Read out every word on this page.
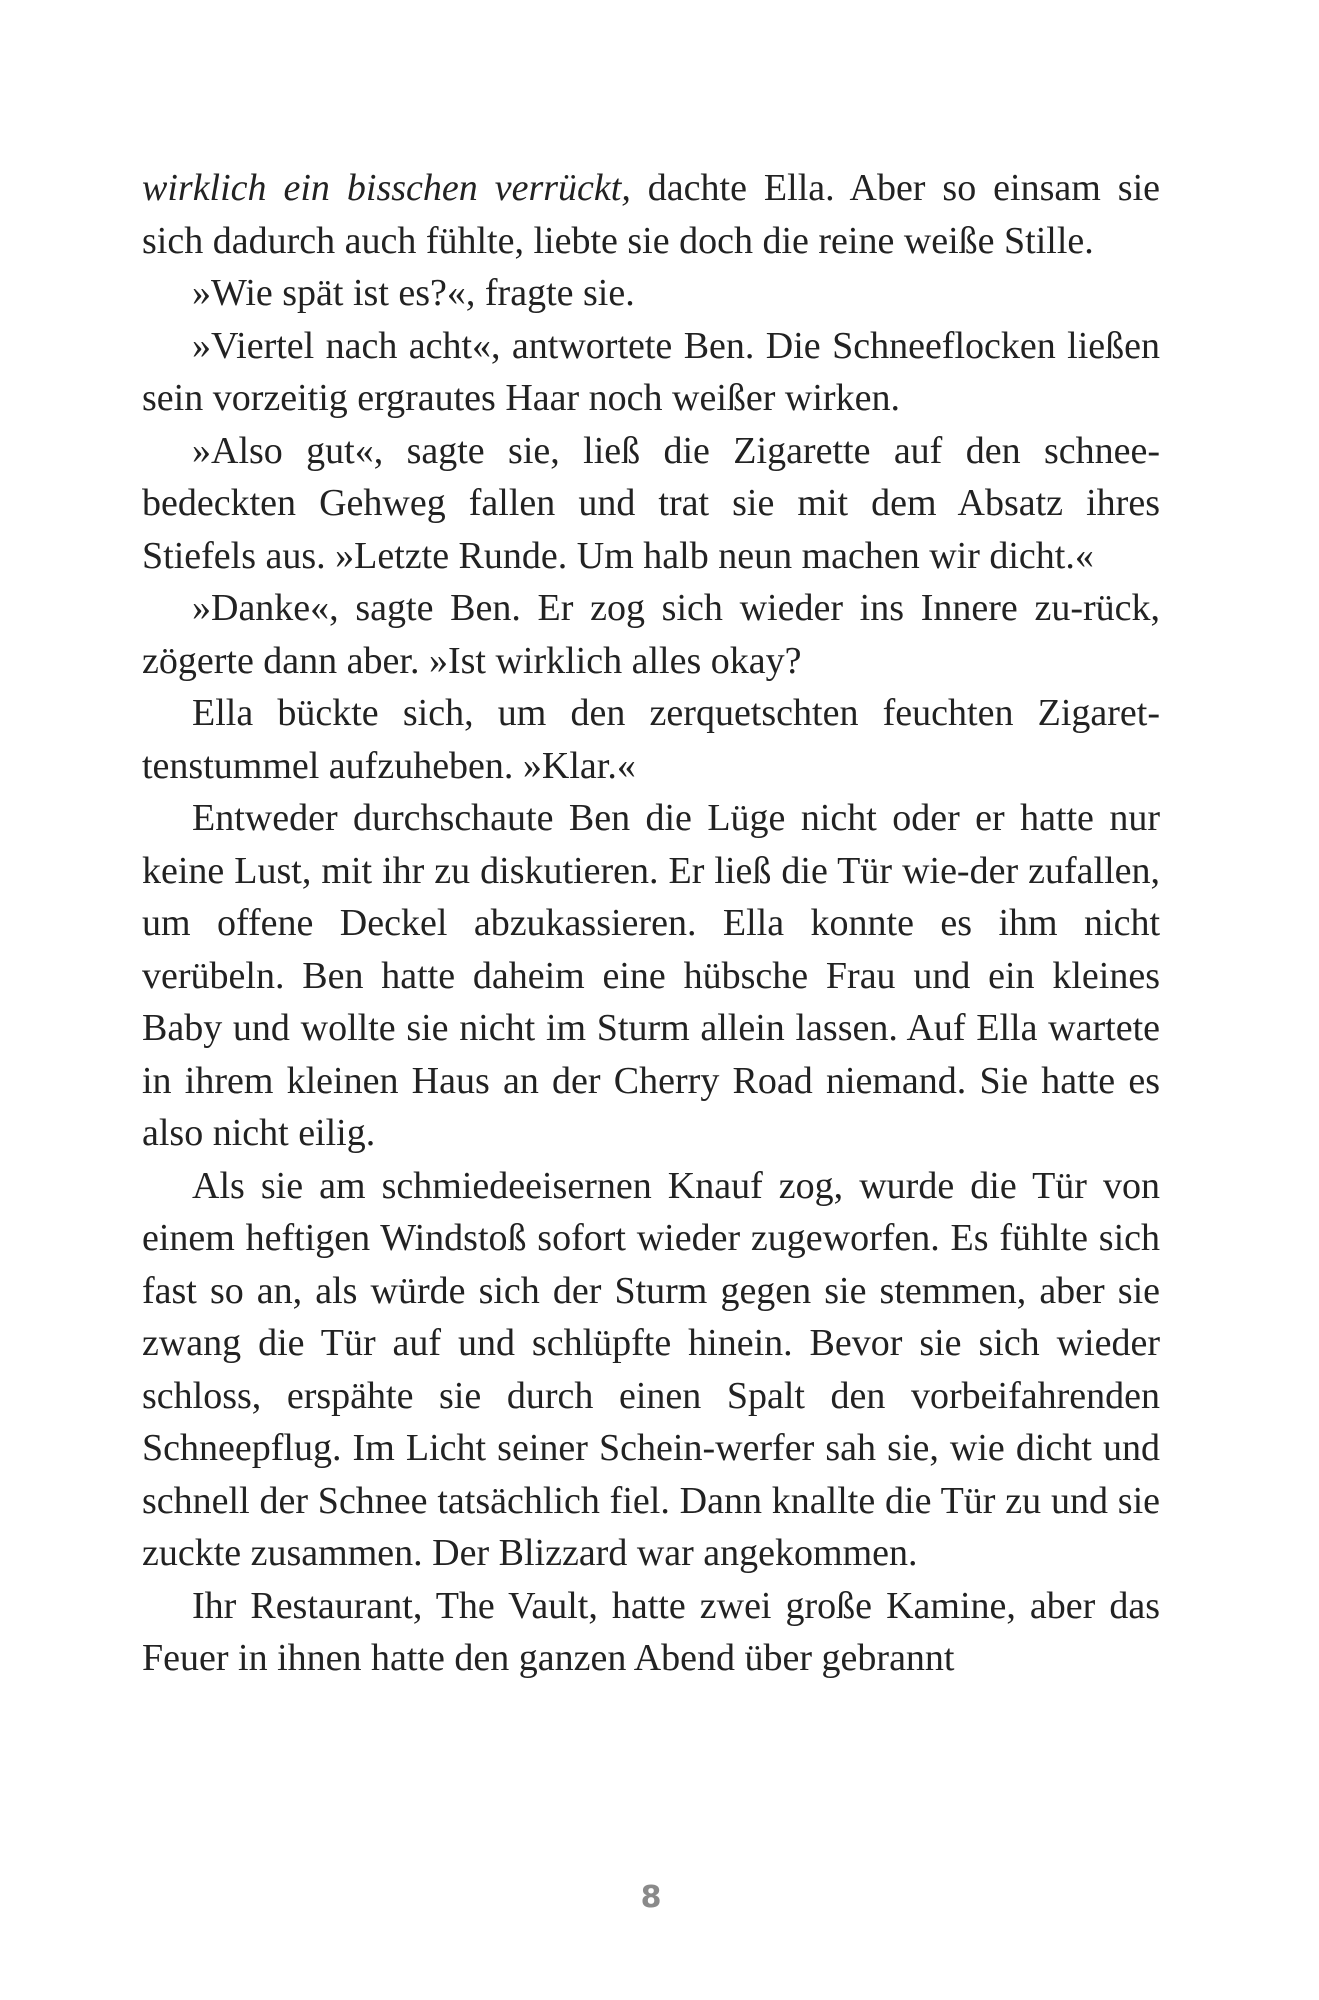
wirklich ein bisschen verrückt, dachte Ella. Aber so einsam sie sich dadurch auch fühlte, liebte sie doch die reine weiße Stille.

»Wie spät ist es?«, fragte sie.

»Viertel nach acht«, antwortete Ben. Die Schneeflocken ließen sein vorzeitig ergrautes Haar noch weißer wirken.

»Also gut«, sagte sie, ließ die Zigarette auf den schnee-bedeckten Gehweg fallen und trat sie mit dem Absatz ihres Stiefels aus. »Letzte Runde. Um halb neun machen wir dicht.«

»Danke«, sagte Ben. Er zog sich wieder ins Innere zu-rück, zögerte dann aber. »Ist wirklich alles okay?

Ella bückte sich, um den zerquetschten feuchten Zigaret-tenstummel aufzuheben. »Klar.«

Entweder durchschaute Ben die Lüge nicht oder er hatte nur keine Lust, mit ihr zu diskutieren. Er ließ die Tür wie-der zufallen, um offene Deckel abzukassieren. Ella konnte es ihm nicht verübeln. Ben hatte daheim eine hübsche Frau und ein kleines Baby und wollte sie nicht im Sturm allein lassen. Auf Ella wartete in ihrem kleinen Haus an der Cherry Road niemand. Sie hatte es also nicht eilig.

Als sie am schmiedeeisernen Knauf zog, wurde die Tür von einem heftigen Windstoß sofort wieder zugeworfen. Es fühlte sich fast so an, als würde sich der Sturm gegen sie stemmen, aber sie zwang die Tür auf und schlüpfte hinein. Bevor sie sich wieder schloss, erspähte sie durch einen Spalt den vorbeifahrenden Schneepflug. Im Licht seiner Schein-werfer sah sie, wie dicht und schnell der Schnee tatsächlich fiel. Dann knallte die Tür zu und sie zuckte zusammen. Der Blizzard war angekommen.

Ihr Restaurant, The Vault, hatte zwei große Kamine, aber das Feuer in ihnen hatte den ganzen Abend über gebrannt

8
